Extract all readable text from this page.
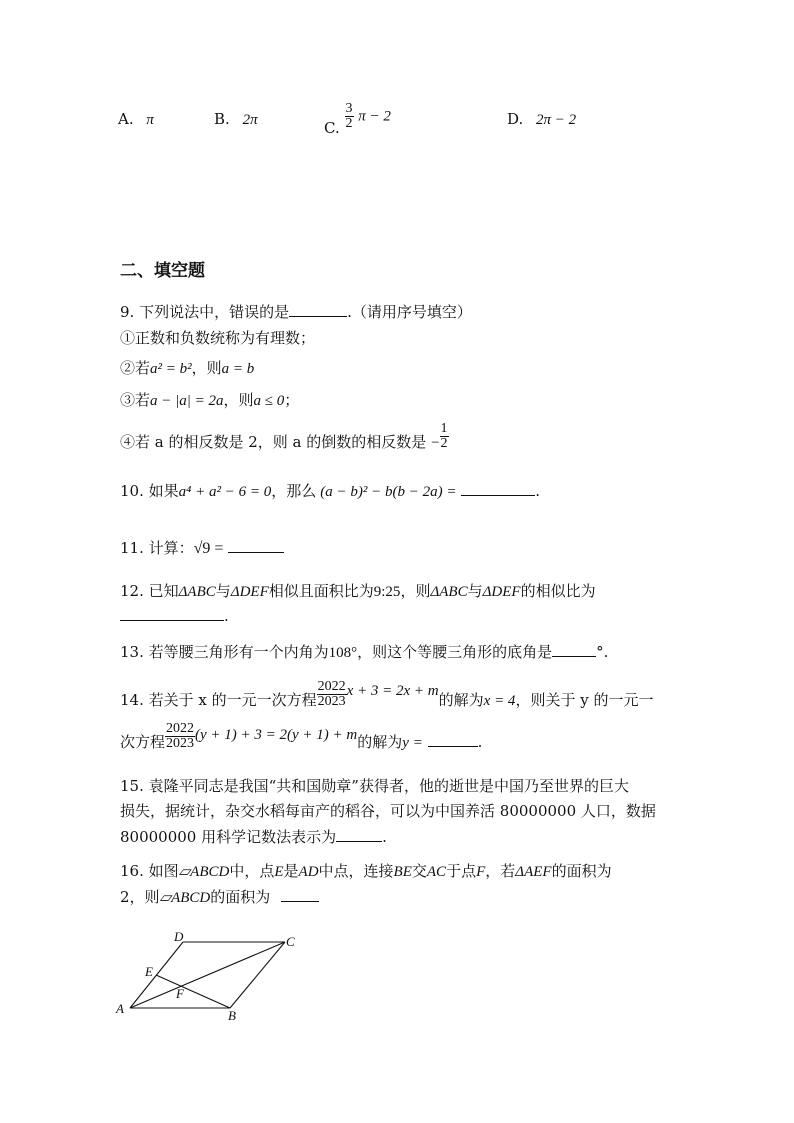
A. π	B. 2π	C. $\frac{3}{2}$ π − 2	D. 2π − 2
二、填空题
9. 下列说法中，错误的是	.（请用序号填空）
①正数和负数统称为有理数；
②若a² = b²，则a = b
③若a − |a| = 2a，则a ≤ 0；
④若 a 的相反数是 2，则 a 的倒数的相反数是 − $\frac{1}{2}$
10. 如果a⁴ + a² − 6 = 0，那么 (a − b)² − b(b − 2a) =	.
11. 计算：√9 =
12. 已知ΔABC与ΔDEF相似且面积比为9:25，则ΔABC与ΔDEF的相似比为
.
13. 若等腰三角形有一个内角为108°，则这个等腰三角形的底角是	°.
14. 若关于 x 的一元一次方程 $\frac{2022}{2023}$ x + 3 = 2x + m的解为x = 4，则关于 y 的一元一
次方程 $\frac{2022}{2023} (y + 1) + 3 = 2(y + 1) + m$的解为y =	.
15. 袁隆平同志是我国“共和国勋章”获得者，他的逝世是中国乃至世界的巨大
损失，据统计，杂交水稻每亩产的稻谷，可以为中国养活 80000000 人口，数据
80000000 用科学记数法表示为	.
16. 如图▱ABCD中，点E是AD中点，连接BE交AC于点F，若ΔAEF的面积为
2，则▱ABCD的面积为
A	B
C
D
E
F
